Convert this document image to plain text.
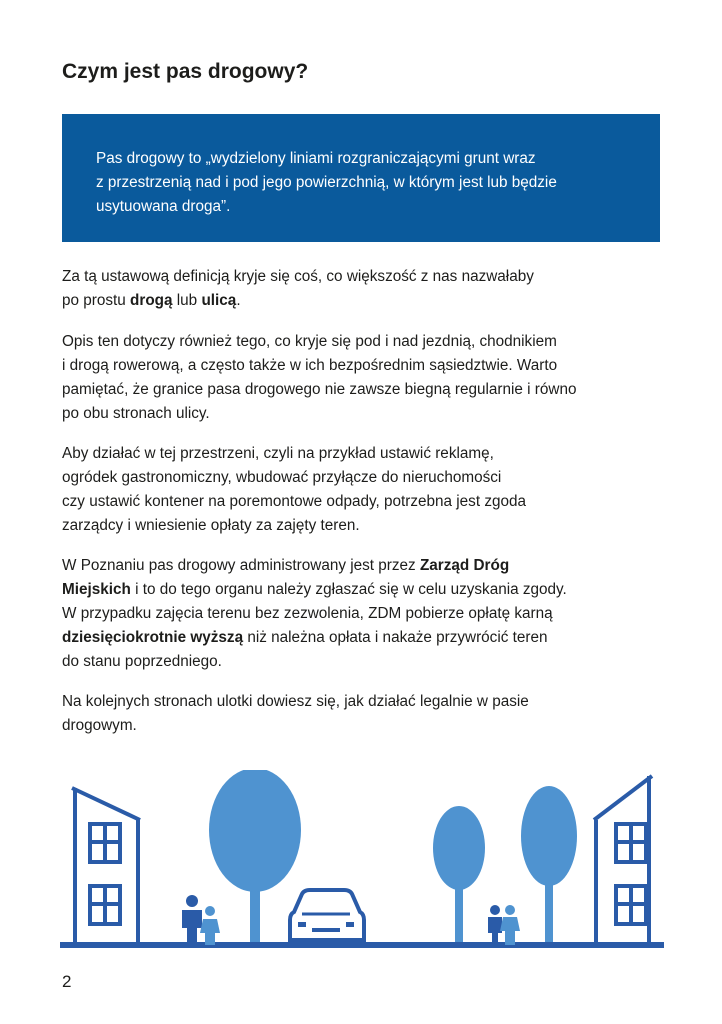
Czym jest pas drogowy?

Pas drogowy to „wydzielony liniami rozgraniczającymi grunt wraz
z przestrzenią nad i pod jego powierzchnią, w którym jest lub będzie
usytuowana droga”.

Za tą ustawową definicją kryje się coś, co większość z nas nazwałaby
po prostu drogą lub ulicą.

Opis ten dotyczy również tego, co kryje się pod i nad jezdnią, chodnikiem
i drogą rowerową, a często także w ich bezpośrednim sąsiedztwie. Warto
pamiętać, że granice pasa drogowego nie zawsze biegną regularnie i równo
po obu stronach ulicy.

Aby działać w tej przestrzeni, czyli na przykład ustawić reklamę,
ogródek gastronomiczny, wbudować przyłącze do nieruchomości
czy ustawić kontener na poremontowe odpady, potrzebna jest zgoda
zarządcy i wniesienie opłaty za zajęty teren.

W Poznaniu pas drogowy administrowany jest przez Zarząd Dróg
Miejskich i to do tego organu należy zgłaszać się w celu uzyskania zgody.
W przypadku zajęcia terenu bez zezwolenia, ZDM pobierze opłatę karną
dziesięciokrotnie wyższą niż należna opłata i nakaże przywrócić teren
do stanu poprzedniego.

Na kolejnych stronach ulotki dowiesz się, jak działać legalnie w pasie
drogowym.

2
